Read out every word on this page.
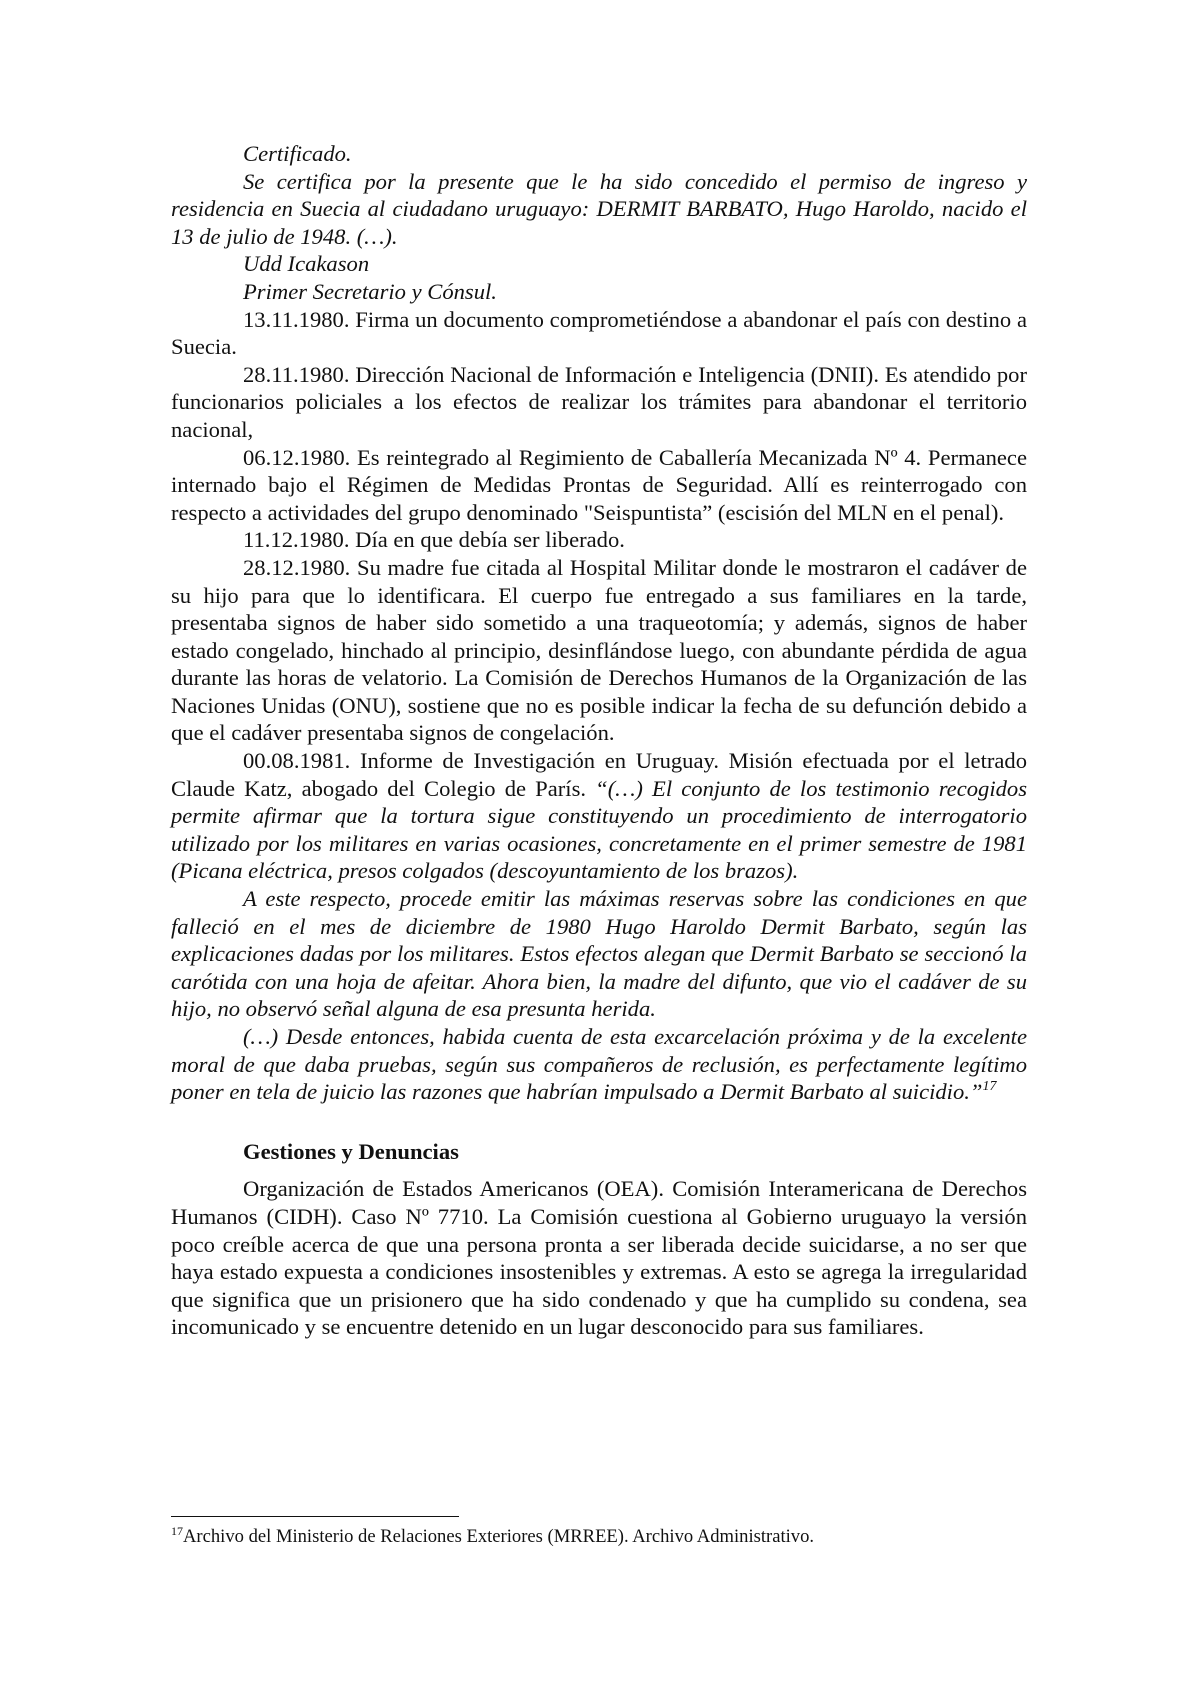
Certificado.

Se certifica por la presente que le ha sido concedido el permiso de ingreso y residencia en Suecia al ciudadano uruguayo: DERMIT BARBATO, Hugo Haroldo, nacido el 13 de julio de 1948. (…).

Udd Icakason

Primer Secretario y Cónsul.

13.11.1980. Firma un documento comprometiéndose a abandonar el país con destino a Suecia.

28.11.1980. Dirección Nacional de Información e Inteligencia (DNII). Es atendido por funcionarios policiales a los efectos de realizar los trámites para abandonar el territorio nacional,

06.12.1980. Es reintegrado al Regimiento de Caballería Mecanizada Nº 4. Permanece internado bajo el Régimen de Medidas Prontas de Seguridad. Allí es reinterrogado con respecto a actividades del grupo denominado "Seispuntista” (escisión del MLN en el penal).

11.12.1980. Día en que debía ser liberado.

28.12.1980. Su madre fue citada al Hospital Militar donde le mostraron el cadáver de su hijo para que lo identificara. El cuerpo fue entregado a sus familiares en la tarde, presentaba signos de haber sido sometido a una traqueotomía; y además, signos de haber estado congelado, hinchado al principio, desinflándose luego, con abundante pérdida de agua durante las horas de velatorio. La Comisión de Derechos Humanos de la Organización de las Naciones Unidas (ONU), sostiene que no es posible indicar la fecha de su defunción debido a que el cadáver presentaba signos de congelación.

00.08.1981. Informe de Investigación en Uruguay. Misión efectuada por el letrado Claude Katz, abogado del Colegio de París. “(…) El conjunto de los testimonio recogidos permite afirmar que la tortura sigue constituyendo un procedimiento de interrogatorio utilizado por los militares en varias ocasiones, concretamente en el primer semestre de 1981 (Picana eléctrica, presos colgados (descoyuntamiento de los brazos).

A este respecto, procede emitir las máximas reservas sobre las condiciones en que falleció en el mes de diciembre de 1980 Hugo Haroldo Dermit Barbato, según las explicaciones dadas por los militares. Estos efectos alegan que Dermit Barbato se seccionó la carótida con una hoja de afeitar. Ahora bien, la madre del difunto, que vio el cadáver de su hijo, no observó señal alguna de esa presunta herida.

(…) Desde entonces, habida cuenta de esta excarcelación próxima y de la excelente moral de que daba pruebas, según sus compañeros de reclusión, es perfectamente legítimo poner en tela de juicio las razones que habrían impulsado a Dermit Barbato al suicidio.”$^{17}$

Gestiones y Denuncias

Organización de Estados Americanos (OEA). Comisión Interamericana de Derechos Humanos (CIDH). Caso Nº 7710. La Comisión cuestiona al Gobierno uruguayo la versión poco creíble acerca de que una persona pronta a ser liberada decide suicidarse, a no ser que haya estado expuesta a condiciones insostenibles y extremas. A esto se agrega la irregularidad que significa que un prisionero que ha sido condenado y que ha cumplido su condena, sea incomunicado y se encuentre detenido en un lugar desconocido para sus familiares.

$^{17}$Archivo del Ministerio de Relaciones Exteriores (MRREE). Archivo Administrativo.
